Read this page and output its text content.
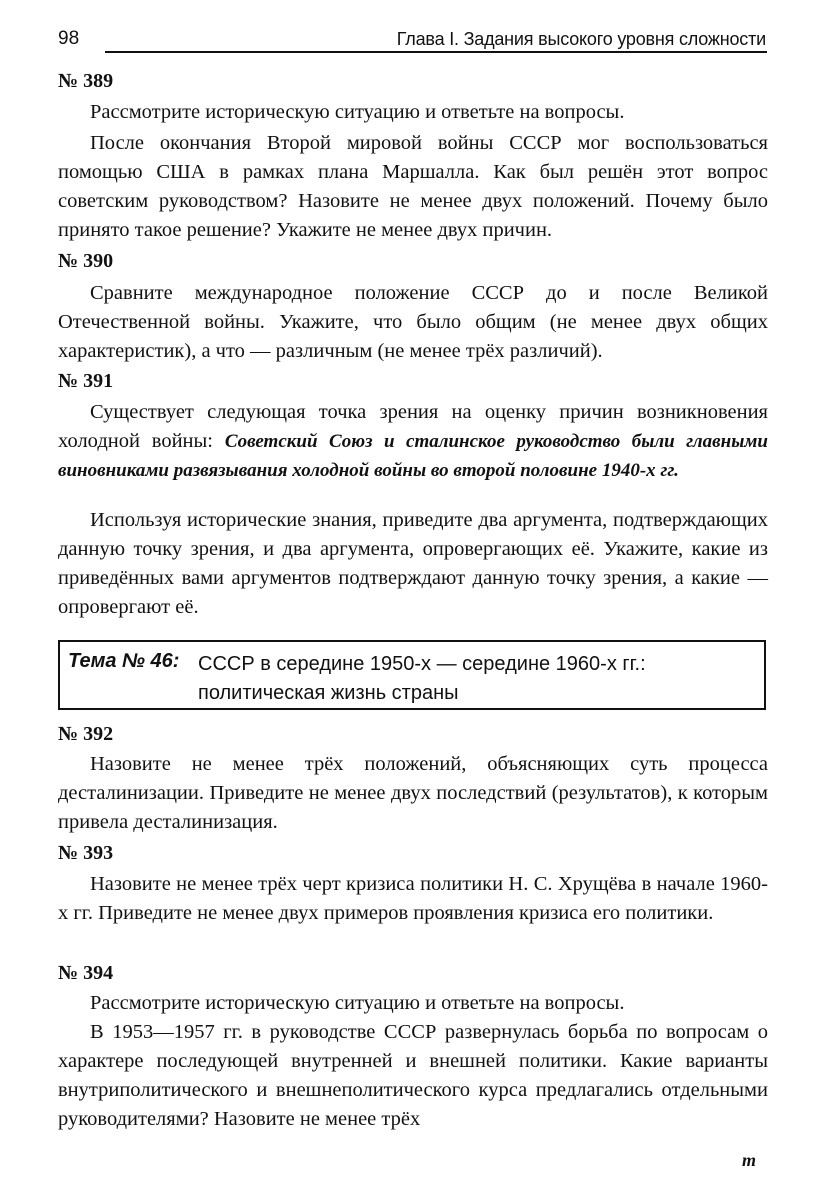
98	Глава I. Задания высокого уровня сложности
№ 389

Рассмотрите историческую ситуацию и ответьте на вопросы.

После окончания Второй мировой войны СССР мог воспользоваться помощью США в рамках плана Маршалла. Как был решён этот вопрос советским руководством? Назовите не менее двух положений. Почему было принято такое решение? Укажите не менее двух причин.

№ 390

Сравните международное положение СССР до и после Великой Отечественной войны. Укажите, что было общим (не менее двух общих характеристик), а что — различным (не менее трёх различий).

№ 391

Существует следующая точка зрения на оценку причин возникновения холодной войны: Советский Союз и сталинское руководство были главными виновниками развязывания холодной войны во второй половине 1940-х гг.

Используя исторические знания, приведите два аргумента, подтверждающих данную точку зрения, и два аргумента, опровергающих её. Укажите, какие из приведённых вами аргументов подтверждают данную точку зрения, а какие — опровергают её.

Тема № 46: СССР в середине 1950-х — середине 1960-х гг.:
политическая жизнь страны
№ 392

Назовите не менее трёх положений, объясняющих суть процесса десталинизации. Приведите не менее двух последствий (результатов), к которым привела десталинизация.

№ 393

Назовите не менее трёх черт кризиса политики Н. С. Хрущёва в начале 1960-х гг. Приведите не менее двух примеров проявления кризиса его политики.

№ 394

Рассмотрите историческую ситуацию и ответьте на вопросы.

В 1953—1957 гг. в руководстве СССР развернулась борьба по вопросам о характере последующей внутренней и внешней политики. Какие варианты внутриполитического и внешнеполитического курса предлагались отдельными руководителями? Назовите не менее трёх

т
